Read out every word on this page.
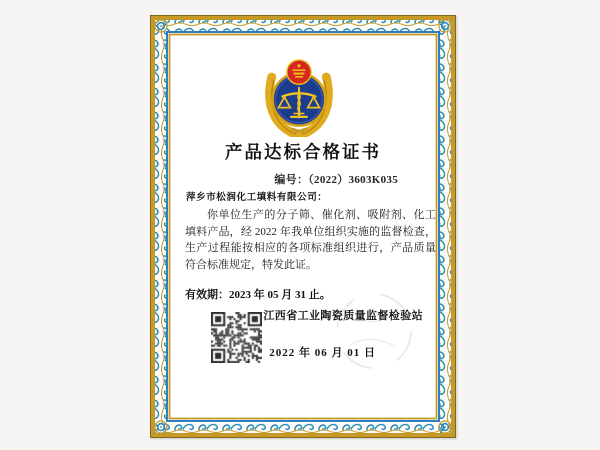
产品达标合格证书
编号：（2022）3603K035
萍乡市松润化工填料有限公司：
你单位生产的分子筛、催化剂、吸附剂、化工填料产品，经 2022 年我单位组织实施的监督检查，生产过程能按相应的各项标准组织进行，产品质量符合标准规定，特发此证。
有效期：2023 年 05 月 31 止。
江西省工业陶瓷质量监督检验站
2022 年 06 月 01 日
